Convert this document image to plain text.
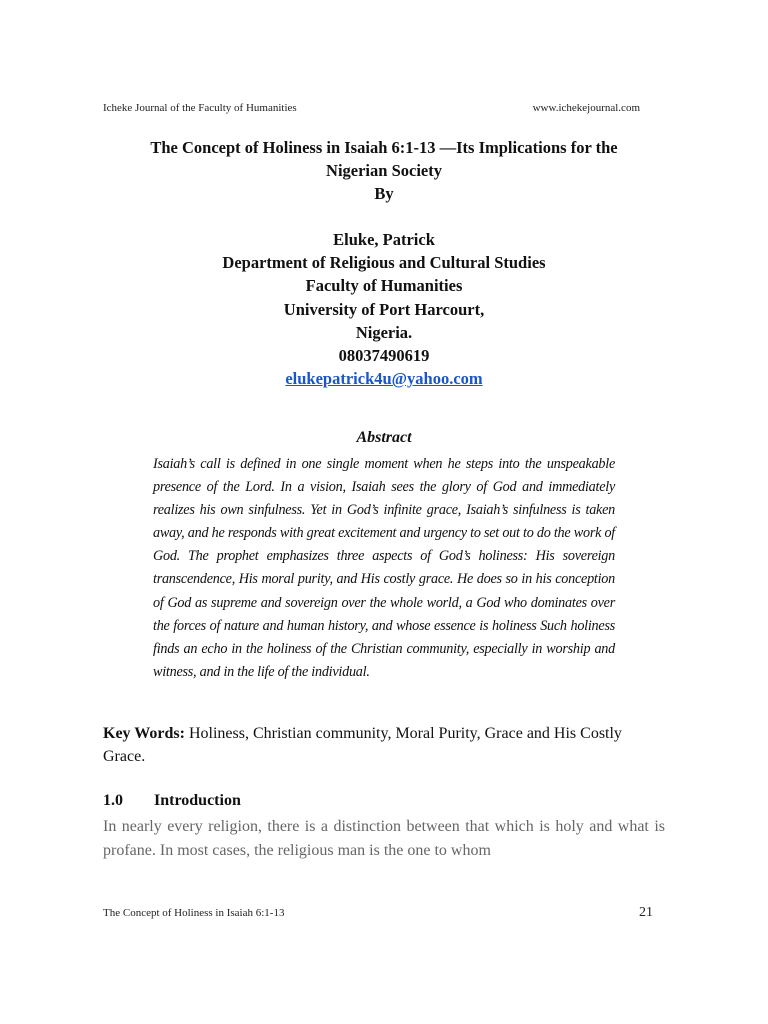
Icheke Journal of the Faculty of Humanities	www.ichekejournal.com
The Concept of Holiness in Isaiah 6:1-13 —Its Implications for the
Nigerian Society
By
Eluke, Patrick
Department of Religious and Cultural Studies
Faculty of Humanities
University of Port Harcourt,
Nigeria.
08037490619
elukepatrick4u@yahoo.com
Abstract
Isaiah’s call is defined in one single moment when he steps into the unspeakable presence of the Lord. In a vision, Isaiah sees the glory of God and immediately realizes his own sinfulness. Yet in God’s infinite grace, Isaiah’s sinfulness is taken away, and he responds with great excitement and urgency to set out to do the work of God. The prophet emphasizes three aspects of God’s holiness: His sovereign transcendence, His moral purity, and His costly grace. He does so in his conception of God as supreme and sovereign over the whole world, a God who dominates over the forces of nature and human history, and whose essence is holiness Such holiness finds an echo in the holiness of the Christian community, especially in worship and witness, and in the life of the individual.
Key Words: Holiness, Christian community, Moral Purity, Grace and His Costly Grace.
1.0 Introduction
In nearly every religion, there is a distinction between that which is holy and what is profane. In most cases, the religious man is the one to whom
The Concept of Holiness in Isaiah 6:1-13	21
